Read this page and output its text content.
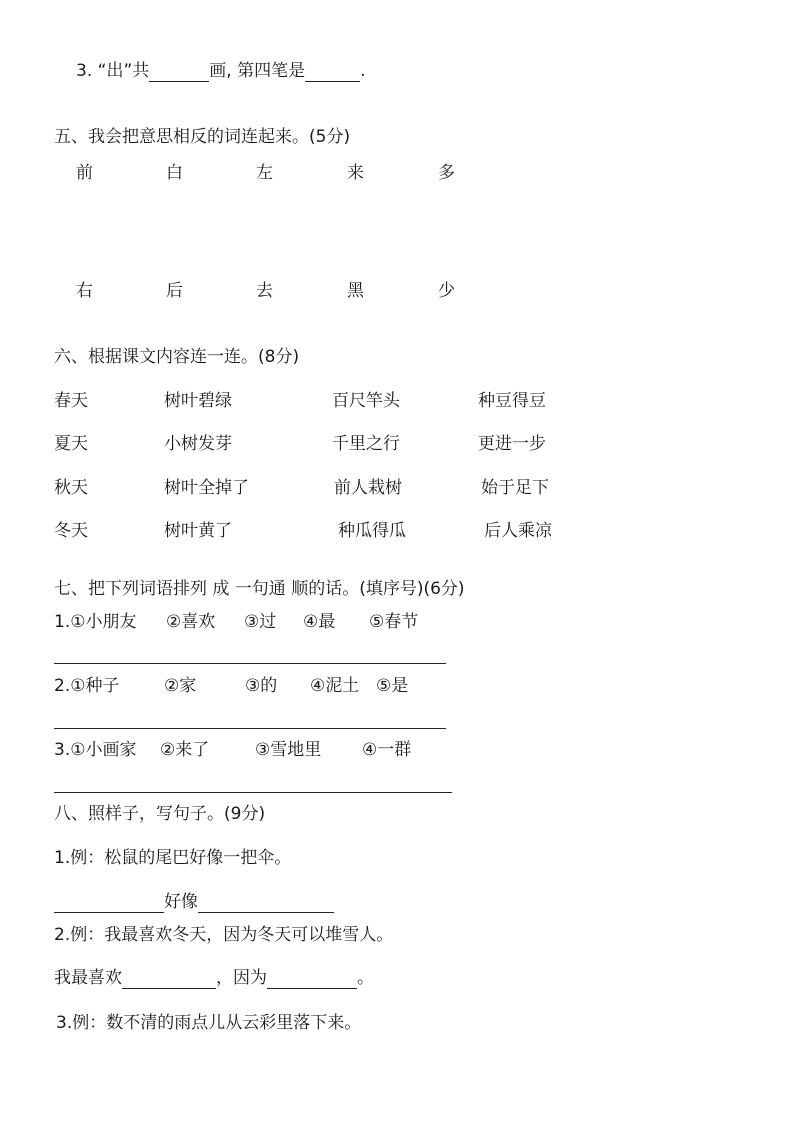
3. “出”共	画, 第四笔是	.
五、我会把意思相反的词连起来。(5分)
前	白	左	来	多
右	后	去	黑	少
六、根据课文内容连一连。(8分)
春天	树叶碧绿	百尺竿头	种豆得豆
夏天	小树发芽	千里之行	更进一步
秋天	树叶全掉了	前人栽树	始于足下
冬天	树叶黄了	种瓜得瓜	后人乘凉
七、把下列词语排列 成 一句通 顺的话。(填序号)(6分)
1.①小朋友 ②喜欢 ③过 ④最 ⑤春节
2.①种子	②家	③的 ④泥土 ⑤是
3.①小画家 ②来了	③雪地里 ④一群
八、照样子，写句子。(9分)
1.例：松鼠的尾巴好像一把伞。
好像
2.例：我最喜欢冬天，因为冬天可以堆雪人。
我最喜欢	，因为	。
3.例：数不清的雨点儿从云彩里落下来。
